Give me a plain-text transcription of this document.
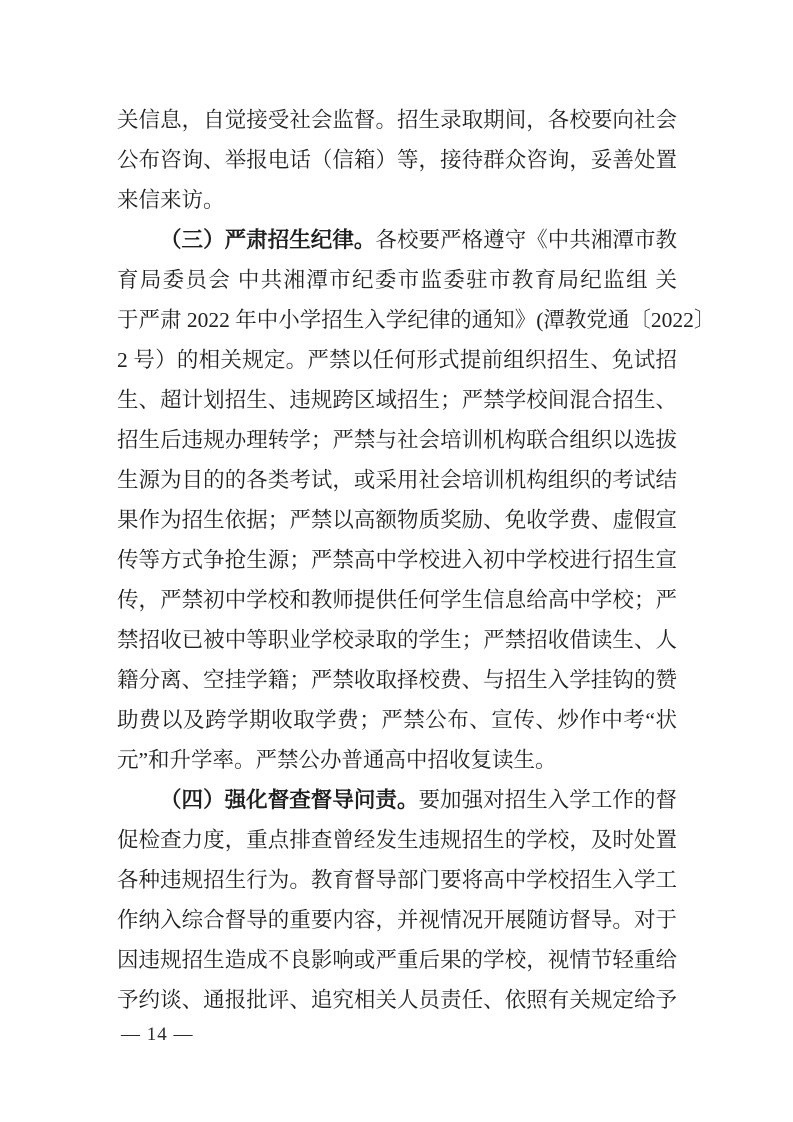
关信息，自觉接受社会监督。招生录取期间，各校要向社会
公布咨询、举报电话（信箱）等，接待群众咨询，妥善处置
来信来访。
（三）严肃招生纪律。各校要严格遵守《中共湘潭市教
育局委员会 中共湘潭市纪委市监委驻市教育局纪监组 关
于严肃 2022 年中小学招生入学纪律的通知》(潭教党通〔2022〕
2 号）的相关规定。严禁以任何形式提前组织招生、免试招
生、超计划招生、违规跨区域招生；严禁学校间混合招生、
招生后违规办理转学；严禁与社会培训机构联合组织以选拔
生源为目的的各类考试，或采用社会培训机构组织的考试结
果作为招生依据；严禁以高额物质奖励、免收学费、虚假宣
传等方式争抢生源；严禁高中学校进入初中学校进行招生宣
传，严禁初中学校和教师提供任何学生信息给高中学校；严
禁招收已被中等职业学校录取的学生；严禁招收借读生、人
籍分离、空挂学籍；严禁收取择校费、与招生入学挂钩的赞
助费以及跨学期收取学费；严禁公布、宣传、炒作中考“状
元”和升学率。严禁公办普通高中招收复读生。
（四）强化督查督导问责。要加强对招生入学工作的督
促检查力度，重点排查曾经发生违规招生的学校，及时处置
各种违规招生行为。教育督导部门要将高中学校招生入学工
作纳入综合督导的重要内容，并视情况开展随访督导。对于
因违规招生造成不良影响或严重后果的学校，视情节轻重给
予约谈、通报批评、追究相关人员责任、依照有关规定给予
— 14 —
